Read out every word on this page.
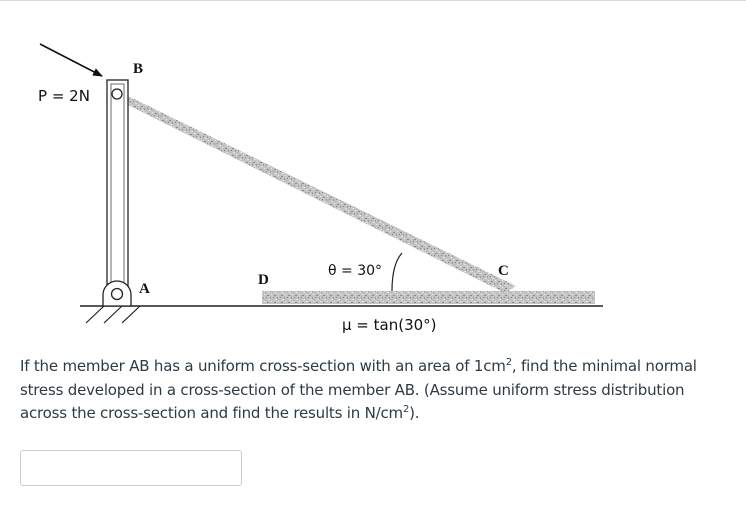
P = 2N
B
A
D
C
θ = 30°
μ = tan(30°)
If the member AB has a uniform cross-section with an area of $1cm^2$, find the minimal normal stress developed in a cross-section of the member AB. (Assume uniform stress distribution across the cross-section and find the results in $N/cm^2$).
